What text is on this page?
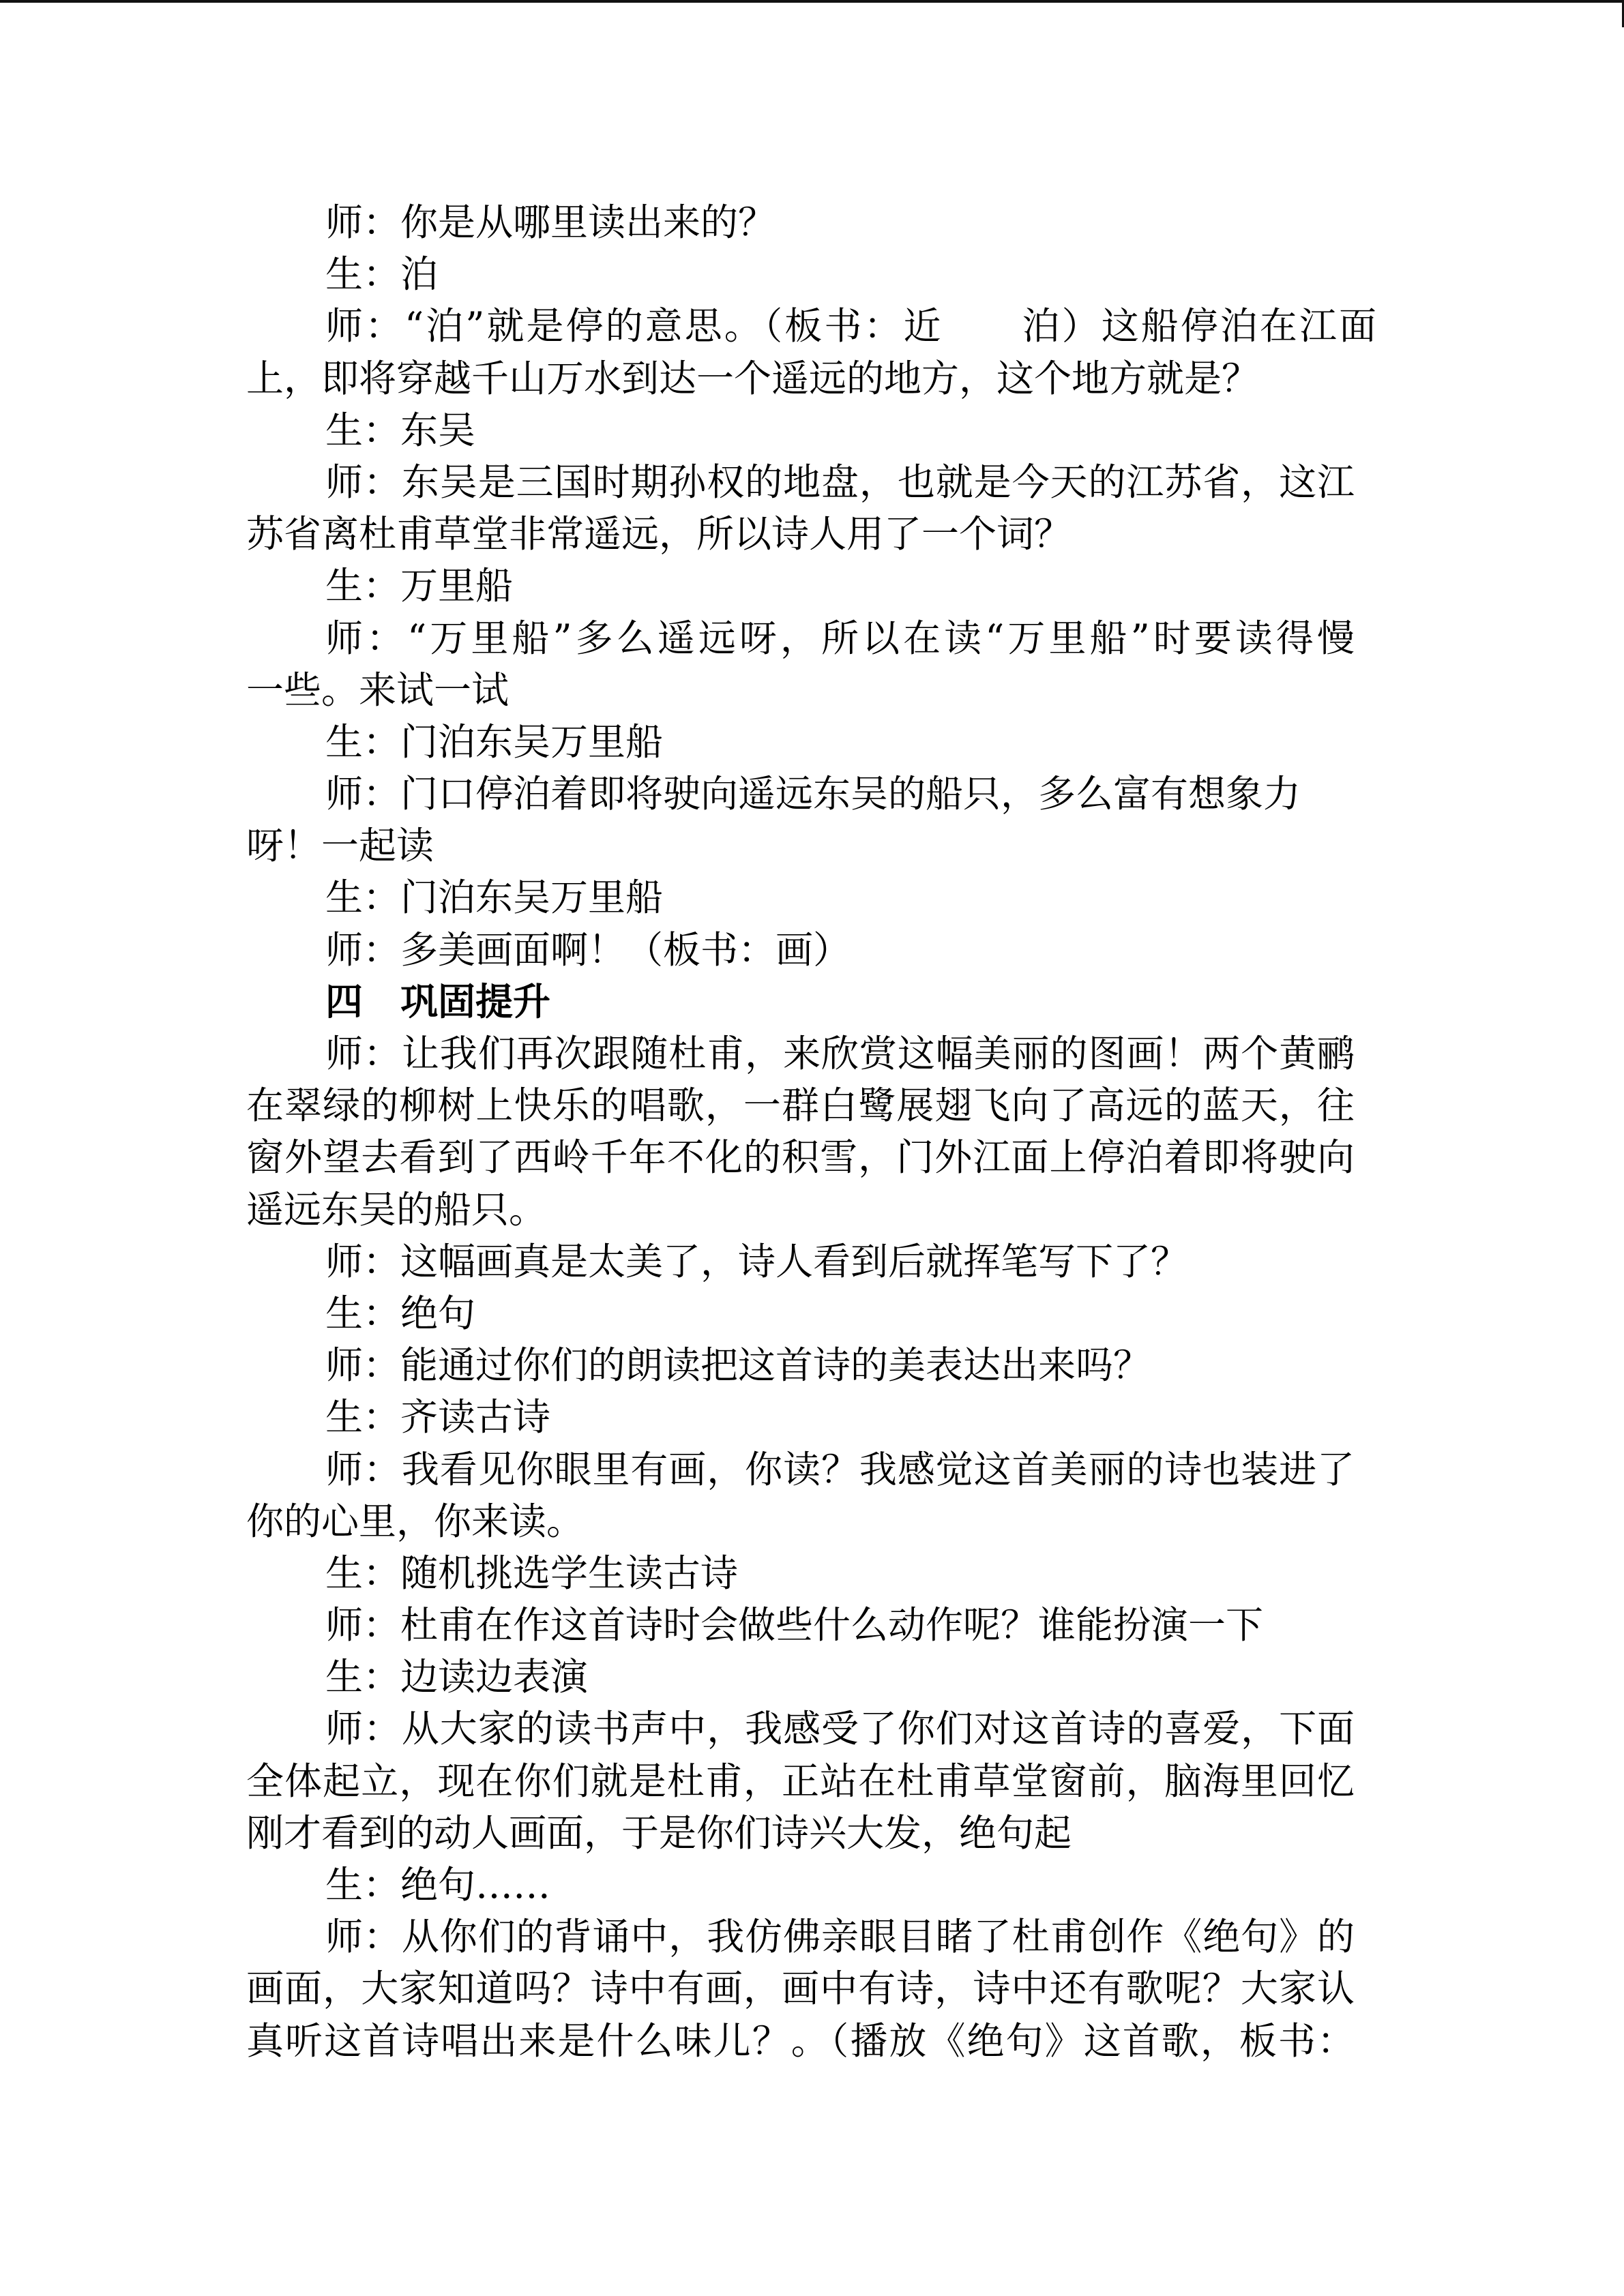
师：你是从哪里读出来的？
生：泊
师：“泊”就是停的意思。（板书：近　　泊）这船停泊在江面
上，即将穿越千山万水到达一个遥远的地方，这个地方就是？
生：东吴
师：东吴是三国时期孙权的地盘，也就是今天的江苏省，这江
苏省离杜甫草堂非常遥远，所以诗人用了一个词？
生：万里船
师：“万里船”多么遥远呀，所以在读“万里船”时要读得慢
一些。来试一试
生：门泊东吴万里船
师：门口停泊着即将驶向遥远东吴的船只，多么富有想象力
呀！一起读
生：门泊东吴万里船
师：多美画面啊！（板书：画）
四　巩固提升
师：让我们再次跟随杜甫，来欣赏这幅美丽的图画！两个黄鹂
在翠绿的柳树上快乐的唱歌，一群白鹭展翅飞向了高远的蓝天，往
窗外望去看到了西岭千年不化的积雪，门外江面上停泊着即将驶向
遥远东吴的船只。
师：这幅画真是太美了，诗人看到后就挥笔写下了？
生：绝句
师：能通过你们的朗读把这首诗的美表达出来吗？
生：齐读古诗
师：我看见你眼里有画，你读？我感觉这首美丽的诗也装进了
你的心里，你来读。
生：随机挑选学生读古诗
师：杜甫在作这首诗时会做些什么动作呢？谁能扮演一下
生：边读边表演
师：从大家的读书声中，我感受了你们对这首诗的喜爱，下面
全体起立，现在你们就是杜甫，正站在杜甫草堂窗前，脑海里回忆
刚才看到的动人画面，于是你们诗兴大发，绝句起
生：绝句……
师：从你们的背诵中，我仿佛亲眼目睹了杜甫创作《绝句》的
画面，大家知道吗？诗中有画，画中有诗，诗中还有歌呢？大家认
真听这首诗唱出来是什么味儿？。（播放《绝句》这首歌，板书：
